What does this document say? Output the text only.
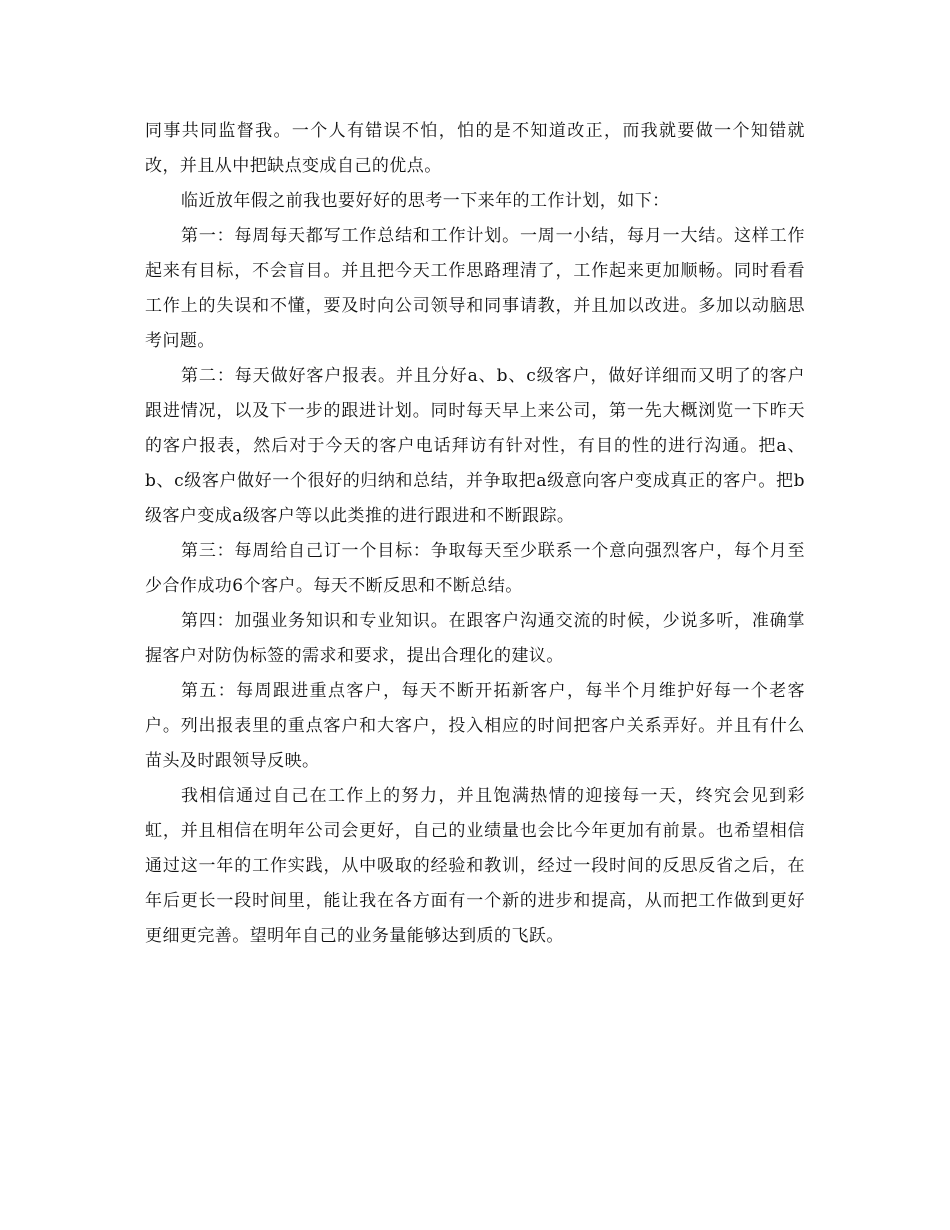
同事共同监督我。一个人有错误不怕，怕的是不知道改正，而我就要做一个知错就改，并且从中把缺点变成自己的优点。

临近放年假之前我也要好好的思考一下来年的工作计划，如下：

第一：每周每天都写工作总结和工作计划。一周一小结，每月一大结。这样工作起来有目标，不会盲目。并且把今天工作思路理清了，工作起来更加顺畅。同时看看工作上的失误和不懂，要及时向公司领导和同事请教，并且加以改进。多加以动脑思考问题。

第二：每天做好客户报表。并且分好a、b、c级客户，做好详细而又明了的客户跟进情况，以及下一步的跟进计划。同时每天早上来公司，第一先大概浏览一下昨天的客户报表，然后对于今天的客户电话拜访有针对性，有目的性的进行沟通。把a、b、c级客户做好一个很好的归纳和总结，并争取把a级意向客户变成真正的客户。把b级客户变成a级客户等以此类推的进行跟进和不断跟踪。

第三：每周给自己订一个目标：争取每天至少联系一个意向强烈客户，每个月至少合作成功6个客户。每天不断反思和不断总结。

第四：加强业务知识和专业知识。在跟客户沟通交流的时候，少说多听，准确掌握客户对防伪标签的需求和要求，提出合理化的建议。

第五：每周跟进重点客户，每天不断开拓新客户，每半个月维护好每一个老客户。列出报表里的重点客户和大客户，投入相应的时间把客户关系弄好。并且有什么苗头及时跟领导反映。

我相信通过自己在工作上的努力，并且饱满热情的迎接每一天，终究会见到彩虹，并且相信在明年公司会更好，自己的业绩量也会比今年更加有前景。也希望相信通过这一年的工作实践，从中吸取的经验和教训，经过一段时间的反思反省之后，在年后更长一段时间里，能让我在各方面有一个新的进步和提高，从而把工作做到更好更细更完善。望明年自己的业务量能够达到质的飞跃。
